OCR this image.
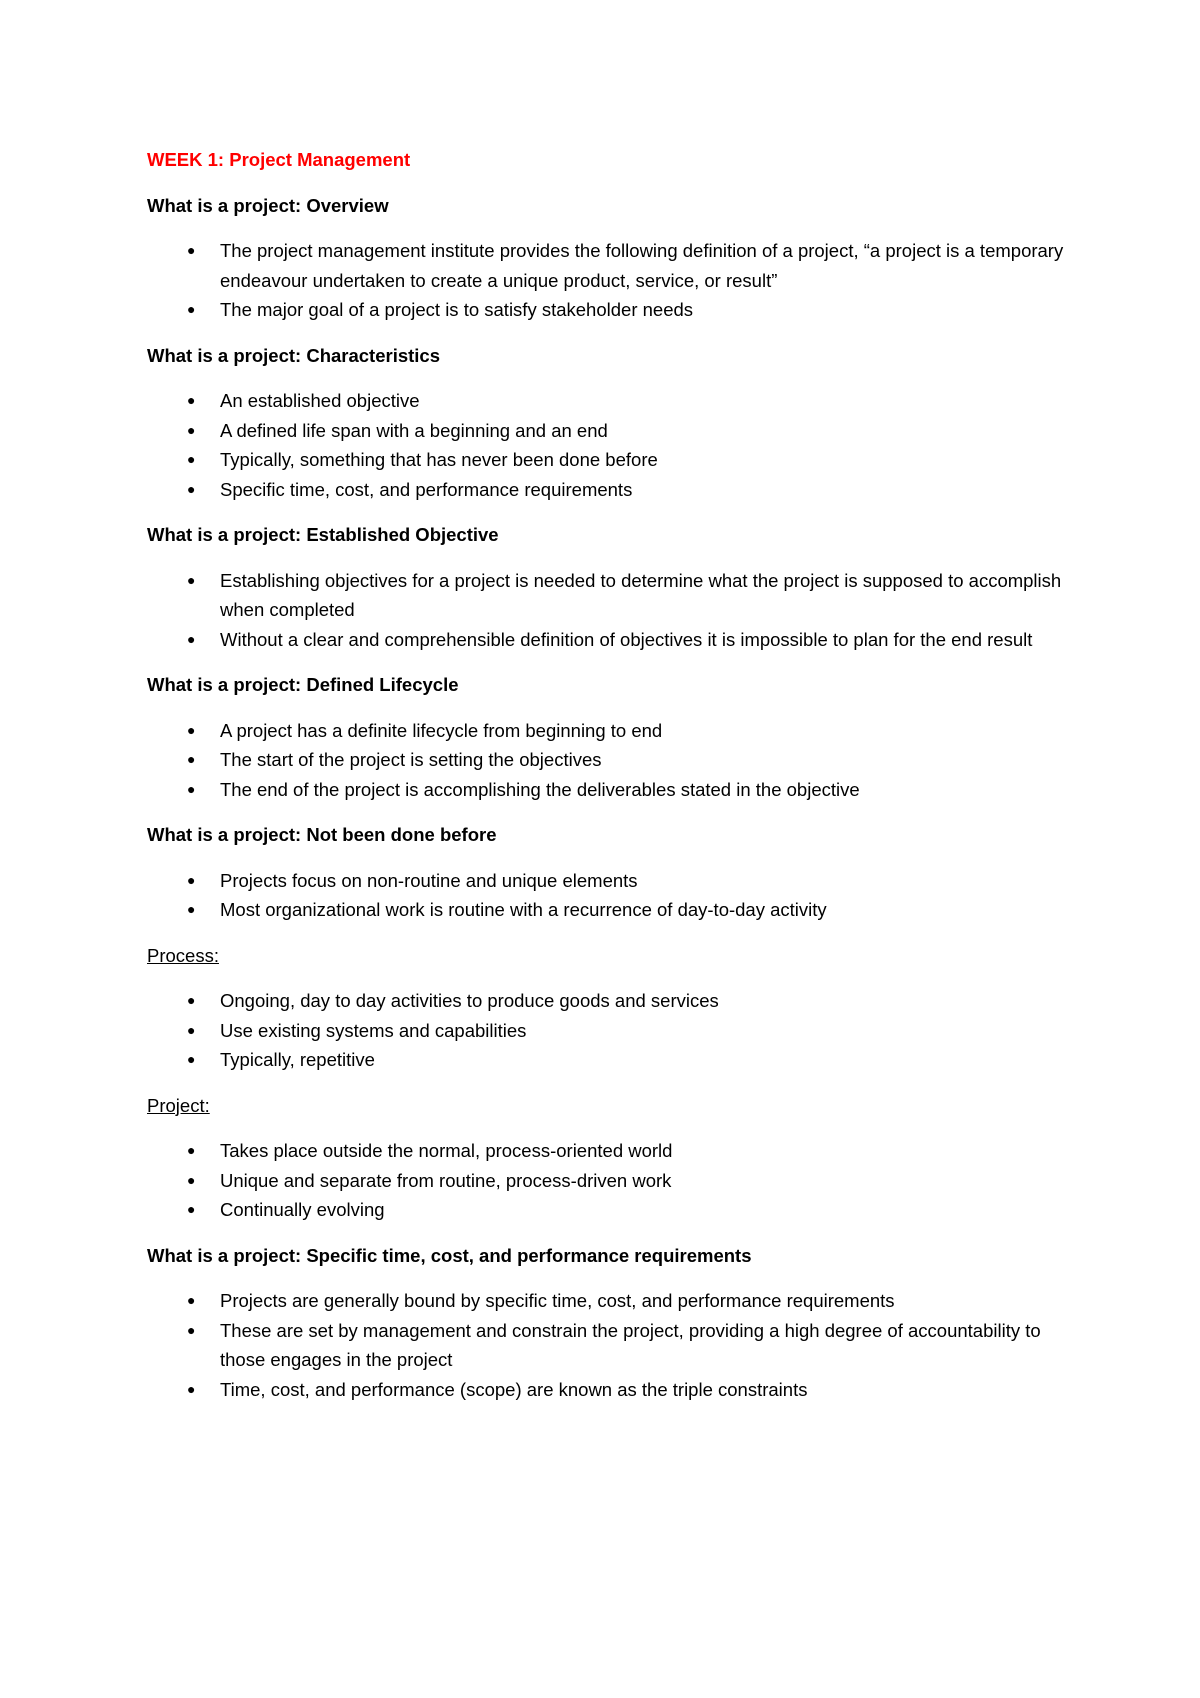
WEEK 1: Project Management
What is a project: Overview
● The project management institute provides the following definition of a project, “a project is a temporary endeavour undertaken to create a unique product, service, or result”
● The major goal of a project is to satisfy stakeholder needs
What is a project: Characteristics
● An established objective
● A defined life span with a beginning and an end
● Typically, something that has never been done before
● Specific time, cost, and performance requirements
What is a project: Established Objective
● Establishing objectives for a project is needed to determine what the project is supposed to accomplish when completed
● Without a clear and comprehensible definition of objectives it is impossible to plan for the end result
What is a project: Defined Lifecycle
● A project has a definite lifecycle from beginning to end
● The start of the project is setting the objectives
● The end of the project is accomplishing the deliverables stated in the objective
What is a project: Not been done before
● Projects focus on non-routine and unique elements
● Most organizational work is routine with a recurrence of day-to-day activity
Process:
● Ongoing, day to day activities to produce goods and services
● Use existing systems and capabilities
● Typically, repetitive
Project:
● Takes place outside the normal, process-oriented world
● Unique and separate from routine, process-driven work
● Continually evolving
What is a project: Specific time, cost, and performance requirements
● Projects are generally bound by specific time, cost, and performance requirements
● These are set by management and constrain the project, providing a high degree of accountability to those engages in the project
● Time, cost, and performance (scope) are known as the triple constraints
